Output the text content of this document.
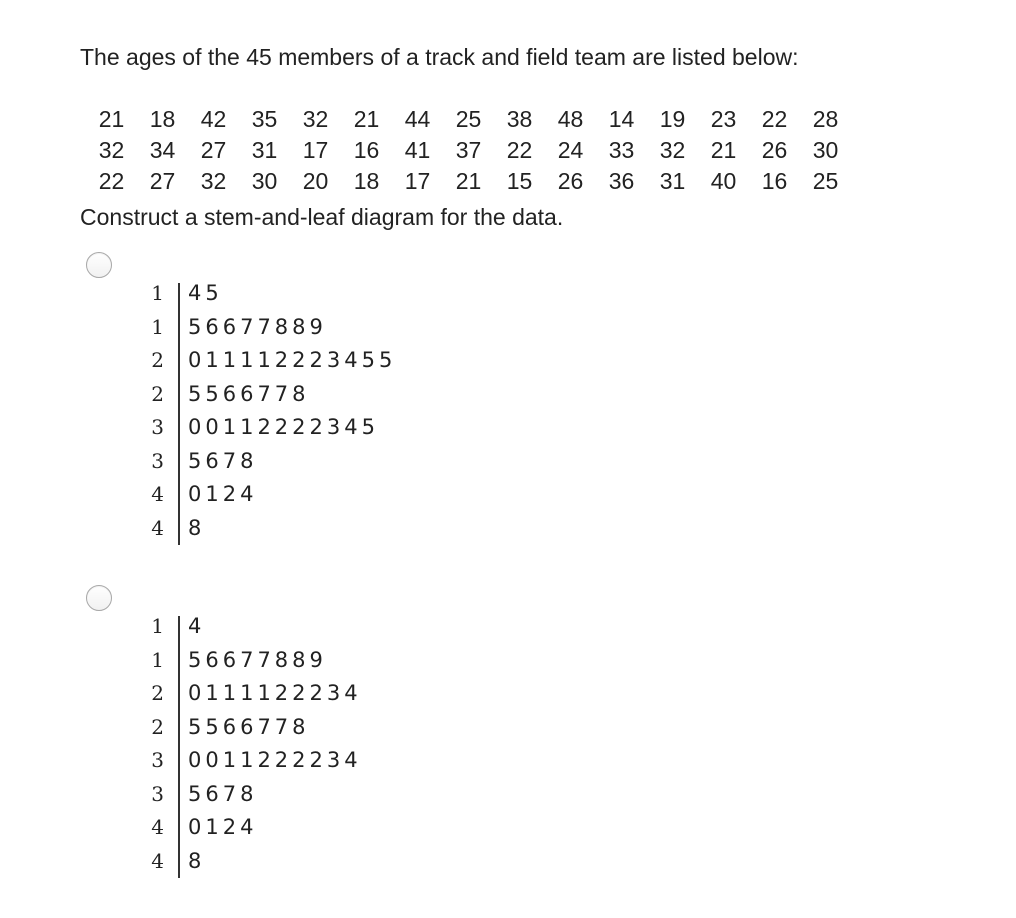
The ages of the 45 members of a track and field team are listed below:

21	18	42	35	32	21	44	25	38	48	14	19	23	22	28
32	34	27	31	17	16	41	37	22	24	33	32	21	26	30
22	27	32	30	20	18	17	21	15	26	36	31	40	16	25

Construct a stem-and-leaf diagram for the data.

1 45
1 56677889
2 011112223455
2 5566778
3 00112222345
3 5678
4 0124
4 8
1 4
1 56677889
2 0111122234
2 5566778
3 0011222234
3 5678
4 0124
4 8
